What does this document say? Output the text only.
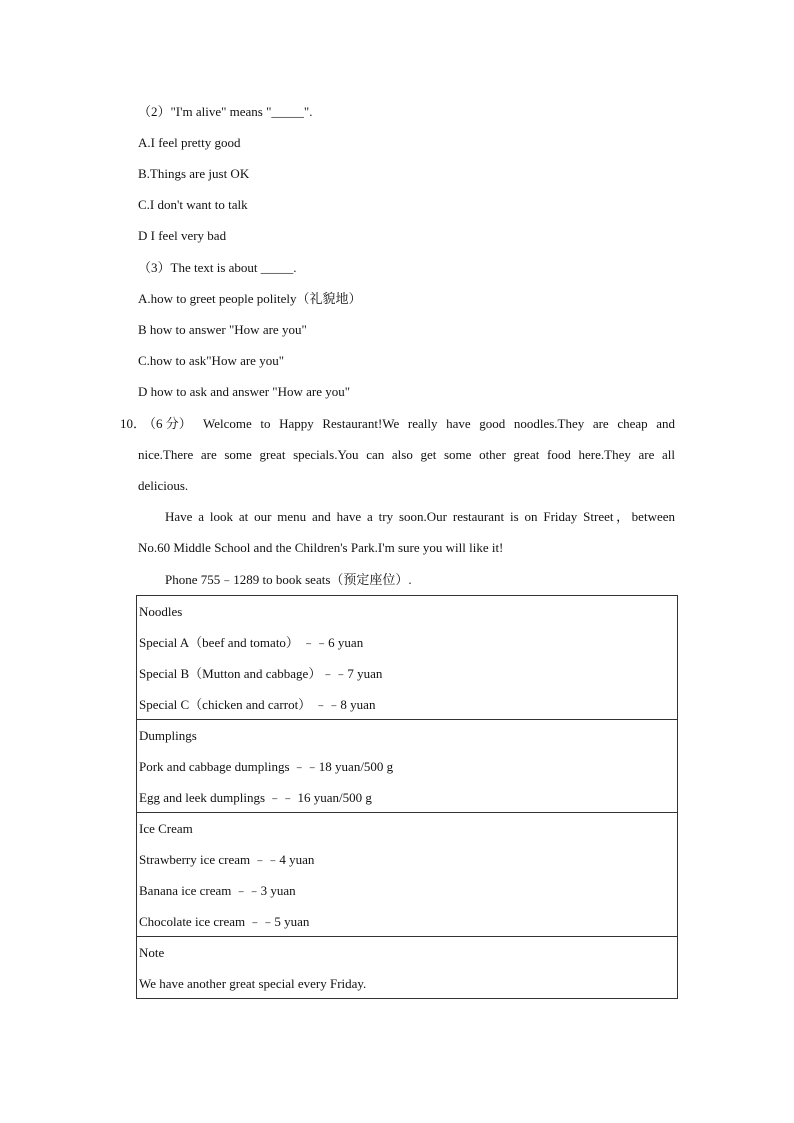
（2）"I'm alive" means "_____".
A.I feel pretty good
B.Things are just OK
C.I don't want to talk
D I feel very bad
（3）The text is about _____.
A.how to greet people politely（礼貌地）
B how to answer "How are you"
C.how to ask"How are you"
D how to ask and answer "How are you"
10．
（6 分） Welcome to Happy Restaurant!We really have good noodles.They are cheap and
nice.There are some great specials.You can also get some other great food here.They are all
delicious.
Have a look at our menu and have a try soon.Our restaurant is on Friday Street，between
No.60 Middle School and the Children's Park.I'm sure you will like it!
Phone 755﹣1289 to book seats（预定座位）.
Noodles
Special A（beef and tomato） ﹣﹣6 yuan
Special B（Mutton and cabbage）﹣﹣7 yuan
Special C（chicken and carrot） ﹣﹣8 yuan
Dumplings
Pork and cabbage dumplings ﹣﹣18 yuan/500 g
Egg and leek dumplings ﹣﹣ 16 yuan/500 g
Ice Cream
Strawberry ice cream ﹣﹣4 yuan
Banana ice cream ﹣﹣3 yuan
Chocolate ice cream ﹣﹣5 yuan
Note
We have another great special every Friday.
